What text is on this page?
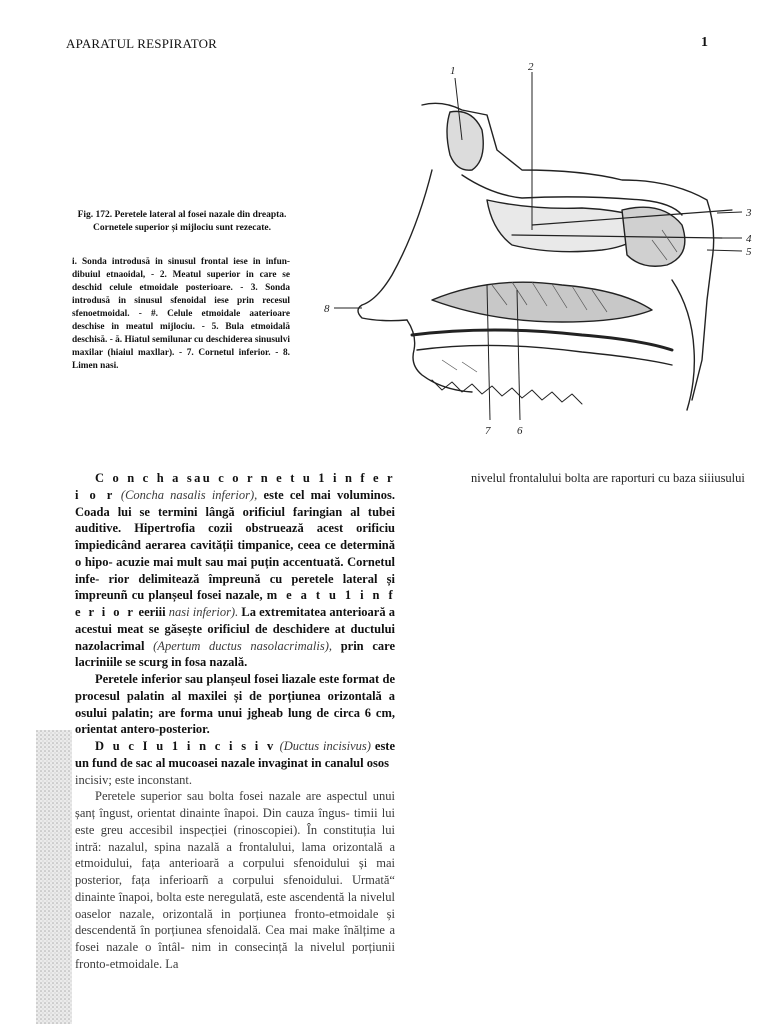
APARATUL RESPIRATOR	1
1	2
3
4
5
6
7
8
Fig. 172. Peretele lateral al fosei nazale din dreapta. Cornetele superior și mijlociu sunt rezecate.
i. Sonda introdusă in sinusul frontal iese in infun- dibuiul etnaoidal, - 2. Meatul superior in care se deschid celule etmoidale posterioare. - 3. Sonda introdusă in sinusul sfenoidal iese prin recesul sfenoetmoidal. - #. Celule etmoidale aaterioare deschise in meatul mijlociu. - 5. Bula etmoidală deschisă. - ă. Hiatul semilunar cu deschiderea sinusulvi maxilar (hiaiul maxllar). - 7. Cornetul inferior. - 8. Limen nasi.

C o n c h a sau c o r n e t u 1 i n f e r i o r (Concha nasalis inferior), este cel mai voluminos. Coada lui se termini lângă orificiul faringian al tubei auditive. Hipertrofia cozii obstruează acest orificiu împiedicând aerarea cavității timpanice, ceea ce determină o hipo- acuzie mai mult sau mai puțin accentuată. Cornetul infe- rior delimitează împreună cu peretele lateral și împreunñ cu planșeul fosei nazale, m e a t u 1 i n f e r i o r eeriii nasi inferior). La extremitatea anterioară a acestui meat se găsește orificiul de deschidere at ductului nazolacrimal (Apertum ductus nasolacrimalis), prin care lacriniile se scurg in fosa nazală.

Peretele inferior sau planșeul fosei liazale este format de procesul palatin al maxilei și de porțiunea orizontală a osului palatin; are forma unui jgheab lung de circa 6 cm, orientat antero-posterior.

D u c I u 1 i n c i s i v (Ductus incisivus) este un fund de sac al mucoasei nazale invaginat in canalul osos

incisiv; este inconstant.

Peretele superior sau bolta fosei nazale are aspectul unui șanț îngust, orientat dinainte înapoi. Din cauza îngus- timii lui este greu accesibil inspecției (rinoscopiei). În constituția lui intră: nazalul, spina nazală a frontalului, lama orizontală a etmoidului, fața anterioară a corpului sfenoidului și mai posterior, fața inferioarñ a corpului sfenoidului. Urmată“ dinainte înapoi, bolta este neregulată, este ascendentă la nivelul oaselor nazale, orizontală in porțiunea fronto-etmoidale și descendentă în porțiunea sfenoidală. Cea mai make înălțime a fosei nazale o întâl- nim in consecință la nivelul porțiunii fronto-etmoidale. La

nivelul frontalului bolta are raporturi cu baza siiiusului
